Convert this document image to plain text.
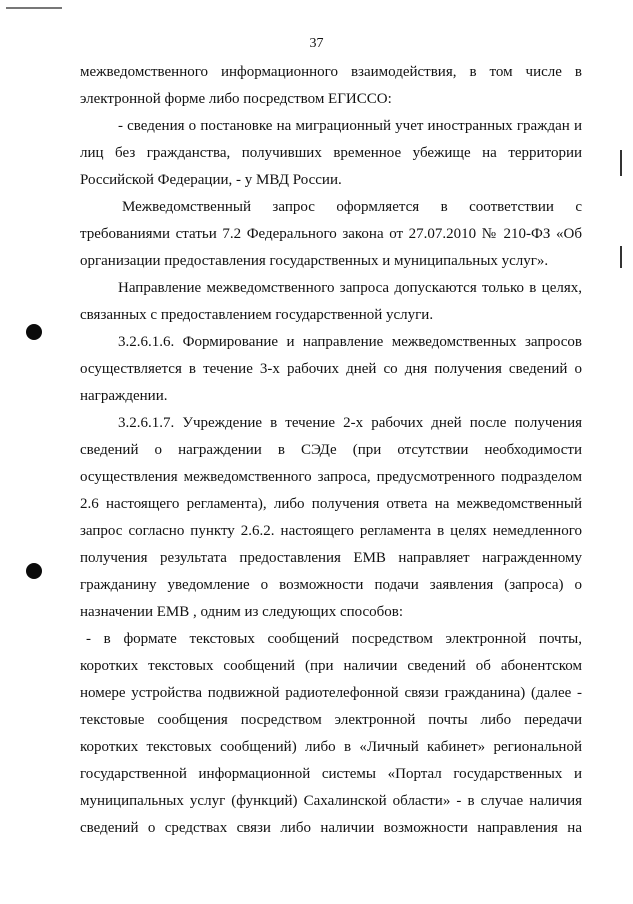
37
межведомственного информационного взаимодействия, в том числе в
электронной форме либо посредством ЕГИССО:
- сведения о постановке на миграционный учет иностранных граждан и
лиц без гражданства, получивших временное убежище на территории
Российской Федерации, - у МВД России.
Межведомственный запрос оформляется в соответствии с
требованиями статьи 7.2 Федерального закона от 27.07.2010 № 210-ФЗ «Об
организации предоставления государственных и муниципальных услуг».
Направление межведомственного запроса допускаются только в целях,
связанных с предоставлением государственной услуги.
3.2.6.1.6. Формирование и направление межведомственных запросов
осуществляется в течение 3-х рабочих дней со дня получения сведений о
награждении.
3.2.6.1.7. Учреждение в течение 2-х рабочих дней после получения
сведений о награждении в СЭДе (при отсутствии необходимости
осуществления межведомственного запроса, предусмотренного подразделом
2.6 настоящего регламента), либо получения ответа на межведомственный
запрос согласно пункту 2.6.2. настоящего регламента в целях немедленного
получения результата предоставления ЕМВ направляет награжденному
гражданину уведомление о возможности подачи заявления (запроса) о
назначении ЕМВ , одним из следующих способов:
- в формате текстовых сообщений посредством электронной почты,
коротких текстовых сообщений (при наличии сведений об абонентском
номере устройства подвижной радиотелефонной связи гражданина) (далее -
текстовые сообщения посредством электронной почты либо передачи
коротких текстовых сообщений) либо в «Личный кабинет» региональной
государственной информационной системы «Портал государственных и
муниципальных услуг (функций) Сахалинской области» - в случае наличия
сведений о средствах связи либо наличии возможности направления на
